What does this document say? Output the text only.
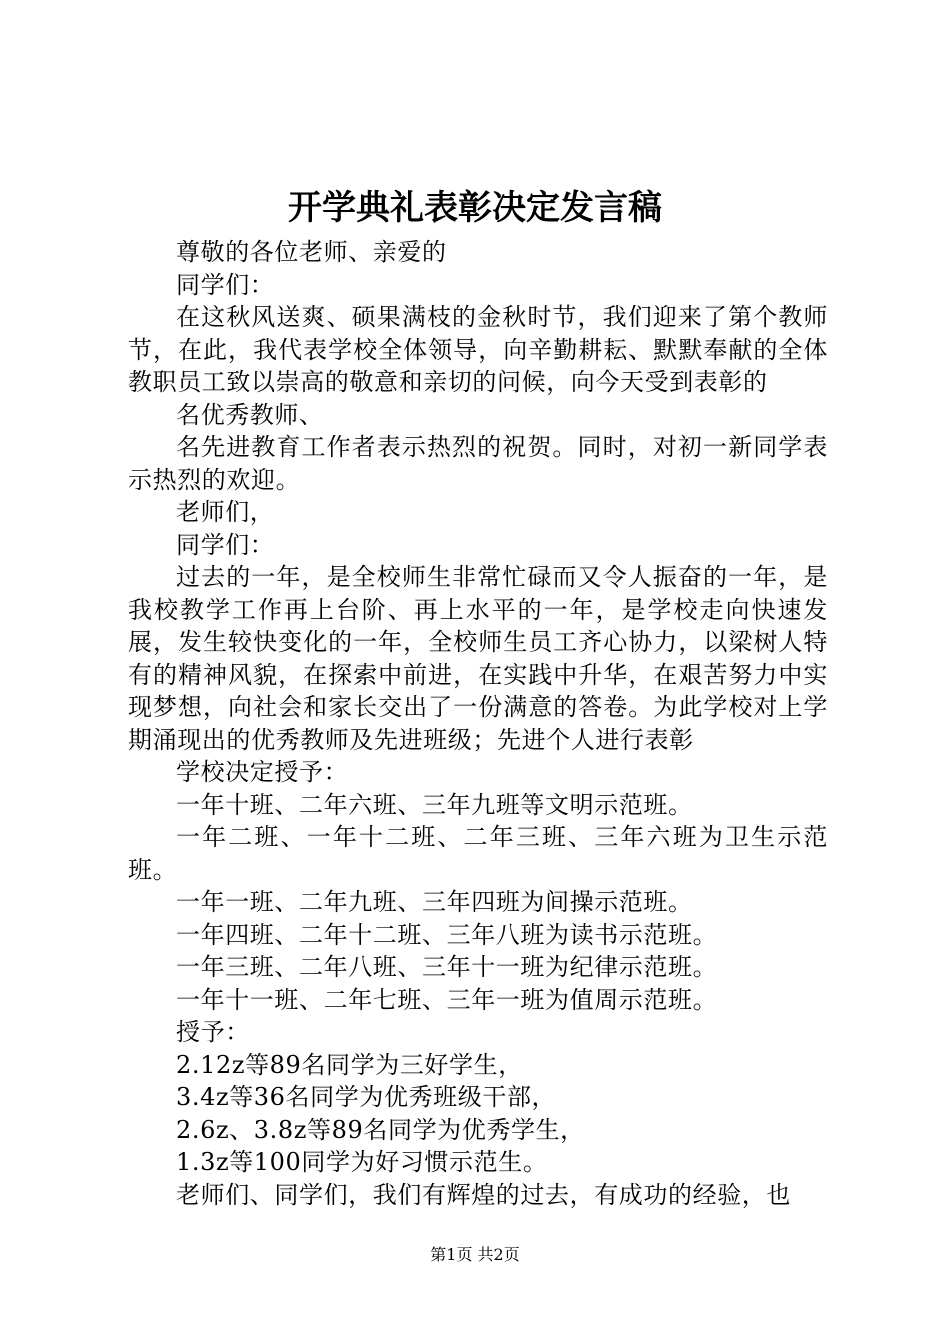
开学典礼表彰决定发言稿

尊敬的各位老师、亲爱的

同学们：

在这秋风送爽、硕果满枝的金秋时节，我们迎来了第个教师节，在此，我代表学校全体领导，向辛勤耕耘、默默奉献的全体教职员工致以崇高的敬意和亲切的问候，向今天受到表彰的

名优秀教师、

名先进教育工作者表示热烈的祝贺。同时，对初一新同学表示热烈的欢迎。

老师们，

同学们：

过去的一年，是全校师生非常忙碌而又令人振奋的一年，是我校教学工作再上台阶、再上水平的一年，是学校走向快速发展，发生较快变化的一年，全校师生员工齐心协力，以梁树人特有的精神风貌，在探索中前进，在实践中升华，在艰苦努力中实现梦想，向社会和家长交出了一份满意的答卷。为此学校对上学期涌现出的优秀教师及先进班级；先进个人进行表彰

学校决定授予：

一年十班、二年六班、三年九班等文明示范班。

一年二班、一年十二班、二年三班、三年六班为卫生示范班。

一年一班、二年九班、三年四班为间操示范班。

一年四班、二年十二班、三年八班为读书示范班。

一年三班、二年八班、三年十一班为纪律示范班。

一年十一班、二年七班、三年一班为值周示范班。

授予：

2.12z等89名同学为三好学生，

3.4z等36名同学为优秀班级干部，

2.6z、3.8z等89名同学为优秀学生，

1.3z等100同学为好习惯示范生。

老师们、同学们，我们有辉煌的过去，有成功的经验，也

第1页 共2页
